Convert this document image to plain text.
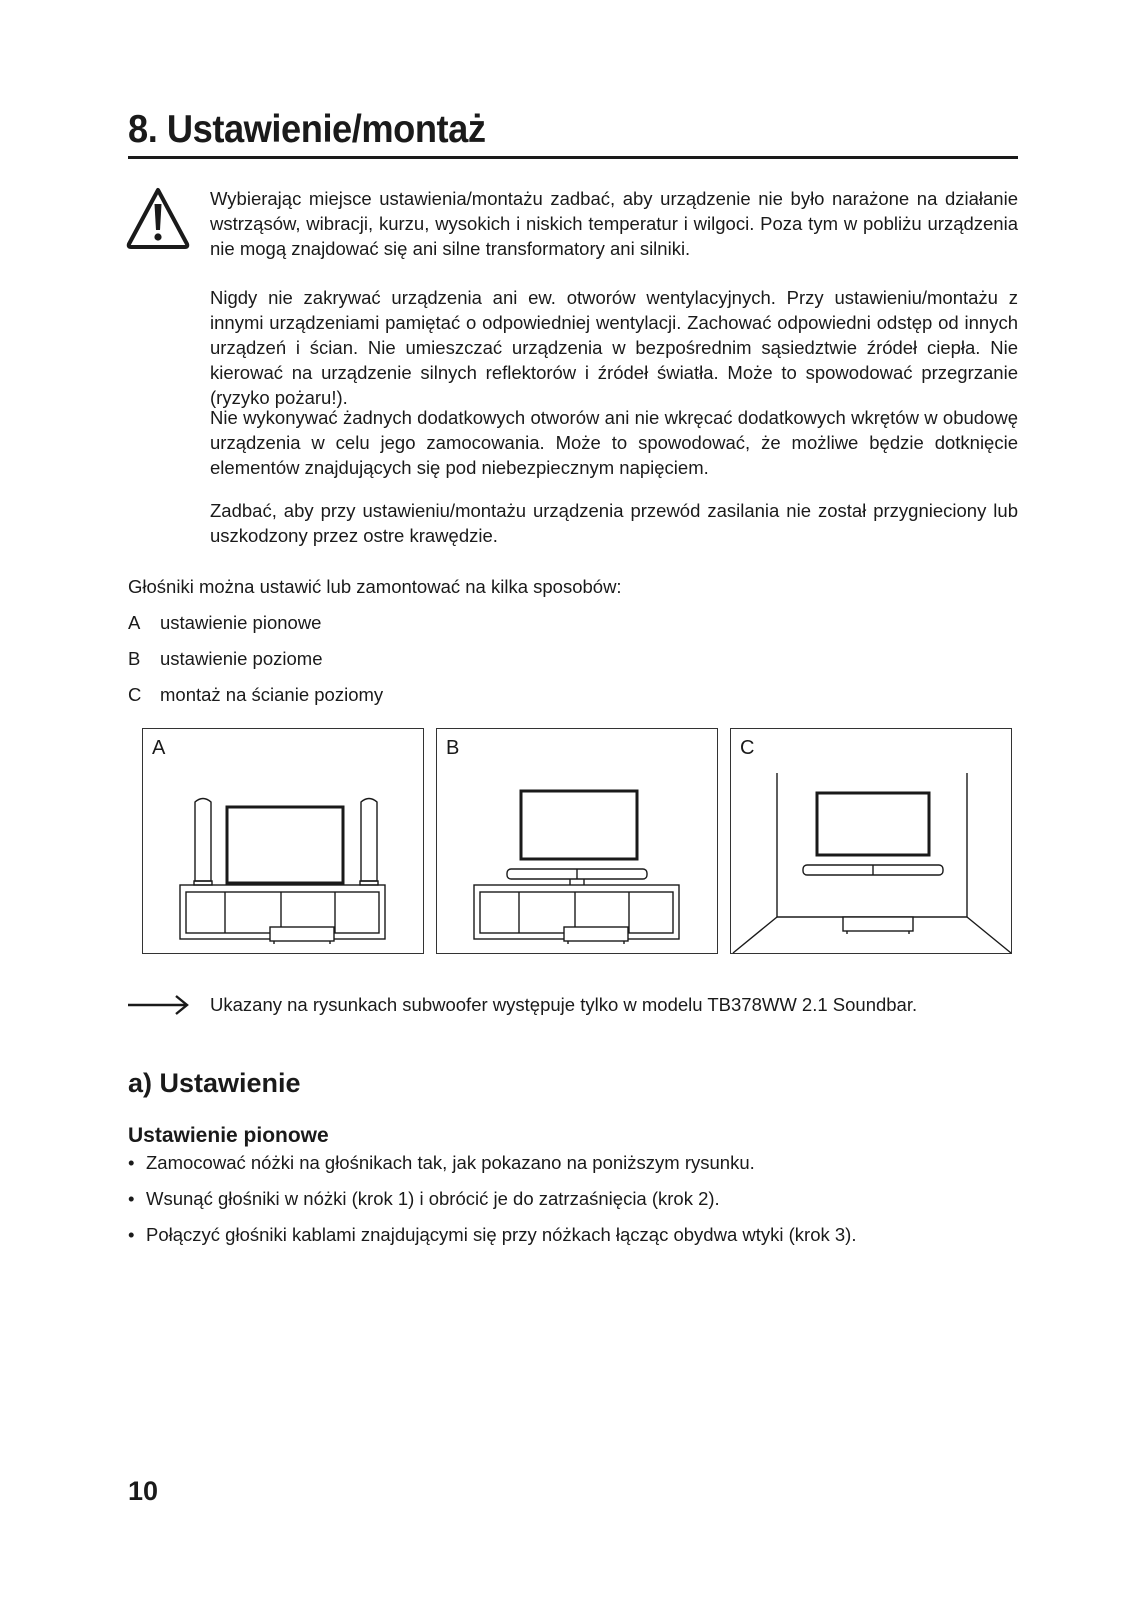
8. Ustawienie/montaż
Wybierając miejsce ustawienia/montażu zadbać, aby urządzenie nie było narażone na działanie wstrząsów, wibracji, kurzu, wysokich i niskich temperatur i wilgoci. Poza tym w pobliżu urządzenia nie mogą znajdować się ani silne transformatory ani silniki.
Nigdy nie zakrywać urządzenia ani ew. otworów wentylacyjnych. Przy ustawieniu/montażu z innymi urządzeniami pamiętać o odpowiedniej wentylacji. Zachować odpowiedni odstęp od innych urządzeń i ścian. Nie umieszczać urządzenia w bezpośrednim sąsiedztwie źródeł ciepła. Nie kierować na urządzenie silnych reflektorów i źródeł światła. Może to spowodować przegrzanie (ryzyko pożaru!).
Nie wykonywać żadnych dodatkowych otworów ani nie wkręcać dodatkowych wkrętów w obudowę urządzenia w celu jego zamocowania. Może to spowodować, że możliwe będzie dotknięcie elementów znajdujących się pod niebezpiecznym napięciem.
Zadbać, aby przy ustawieniu/montażu urządzenia przewód zasilania nie został przygnieciony lub uszkodzony przez ostre krawędzie.
Głośniki można ustawić lub zamontować na kilka sposobów:
A ustawienie pionowe
B ustawienie poziome
C montaż na ścianie poziomy
A	B	C
Ukazany na rysunkach subwoofer występuje tylko w modelu TB378WW 2.1 Soundbar.
a) Ustawienie
Ustawienie pionowe
• Zamocować nóżki na głośnikach tak, jak pokazano na poniższym rysunku.
• Wsunąć głośniki w nóżki (krok 1) i obrócić je do zatrzaśnięcia (krok 2).
• Połączyć głośniki kablami znajdującymi się przy nóżkach łącząc obydwa wtyki (krok 3).
10
